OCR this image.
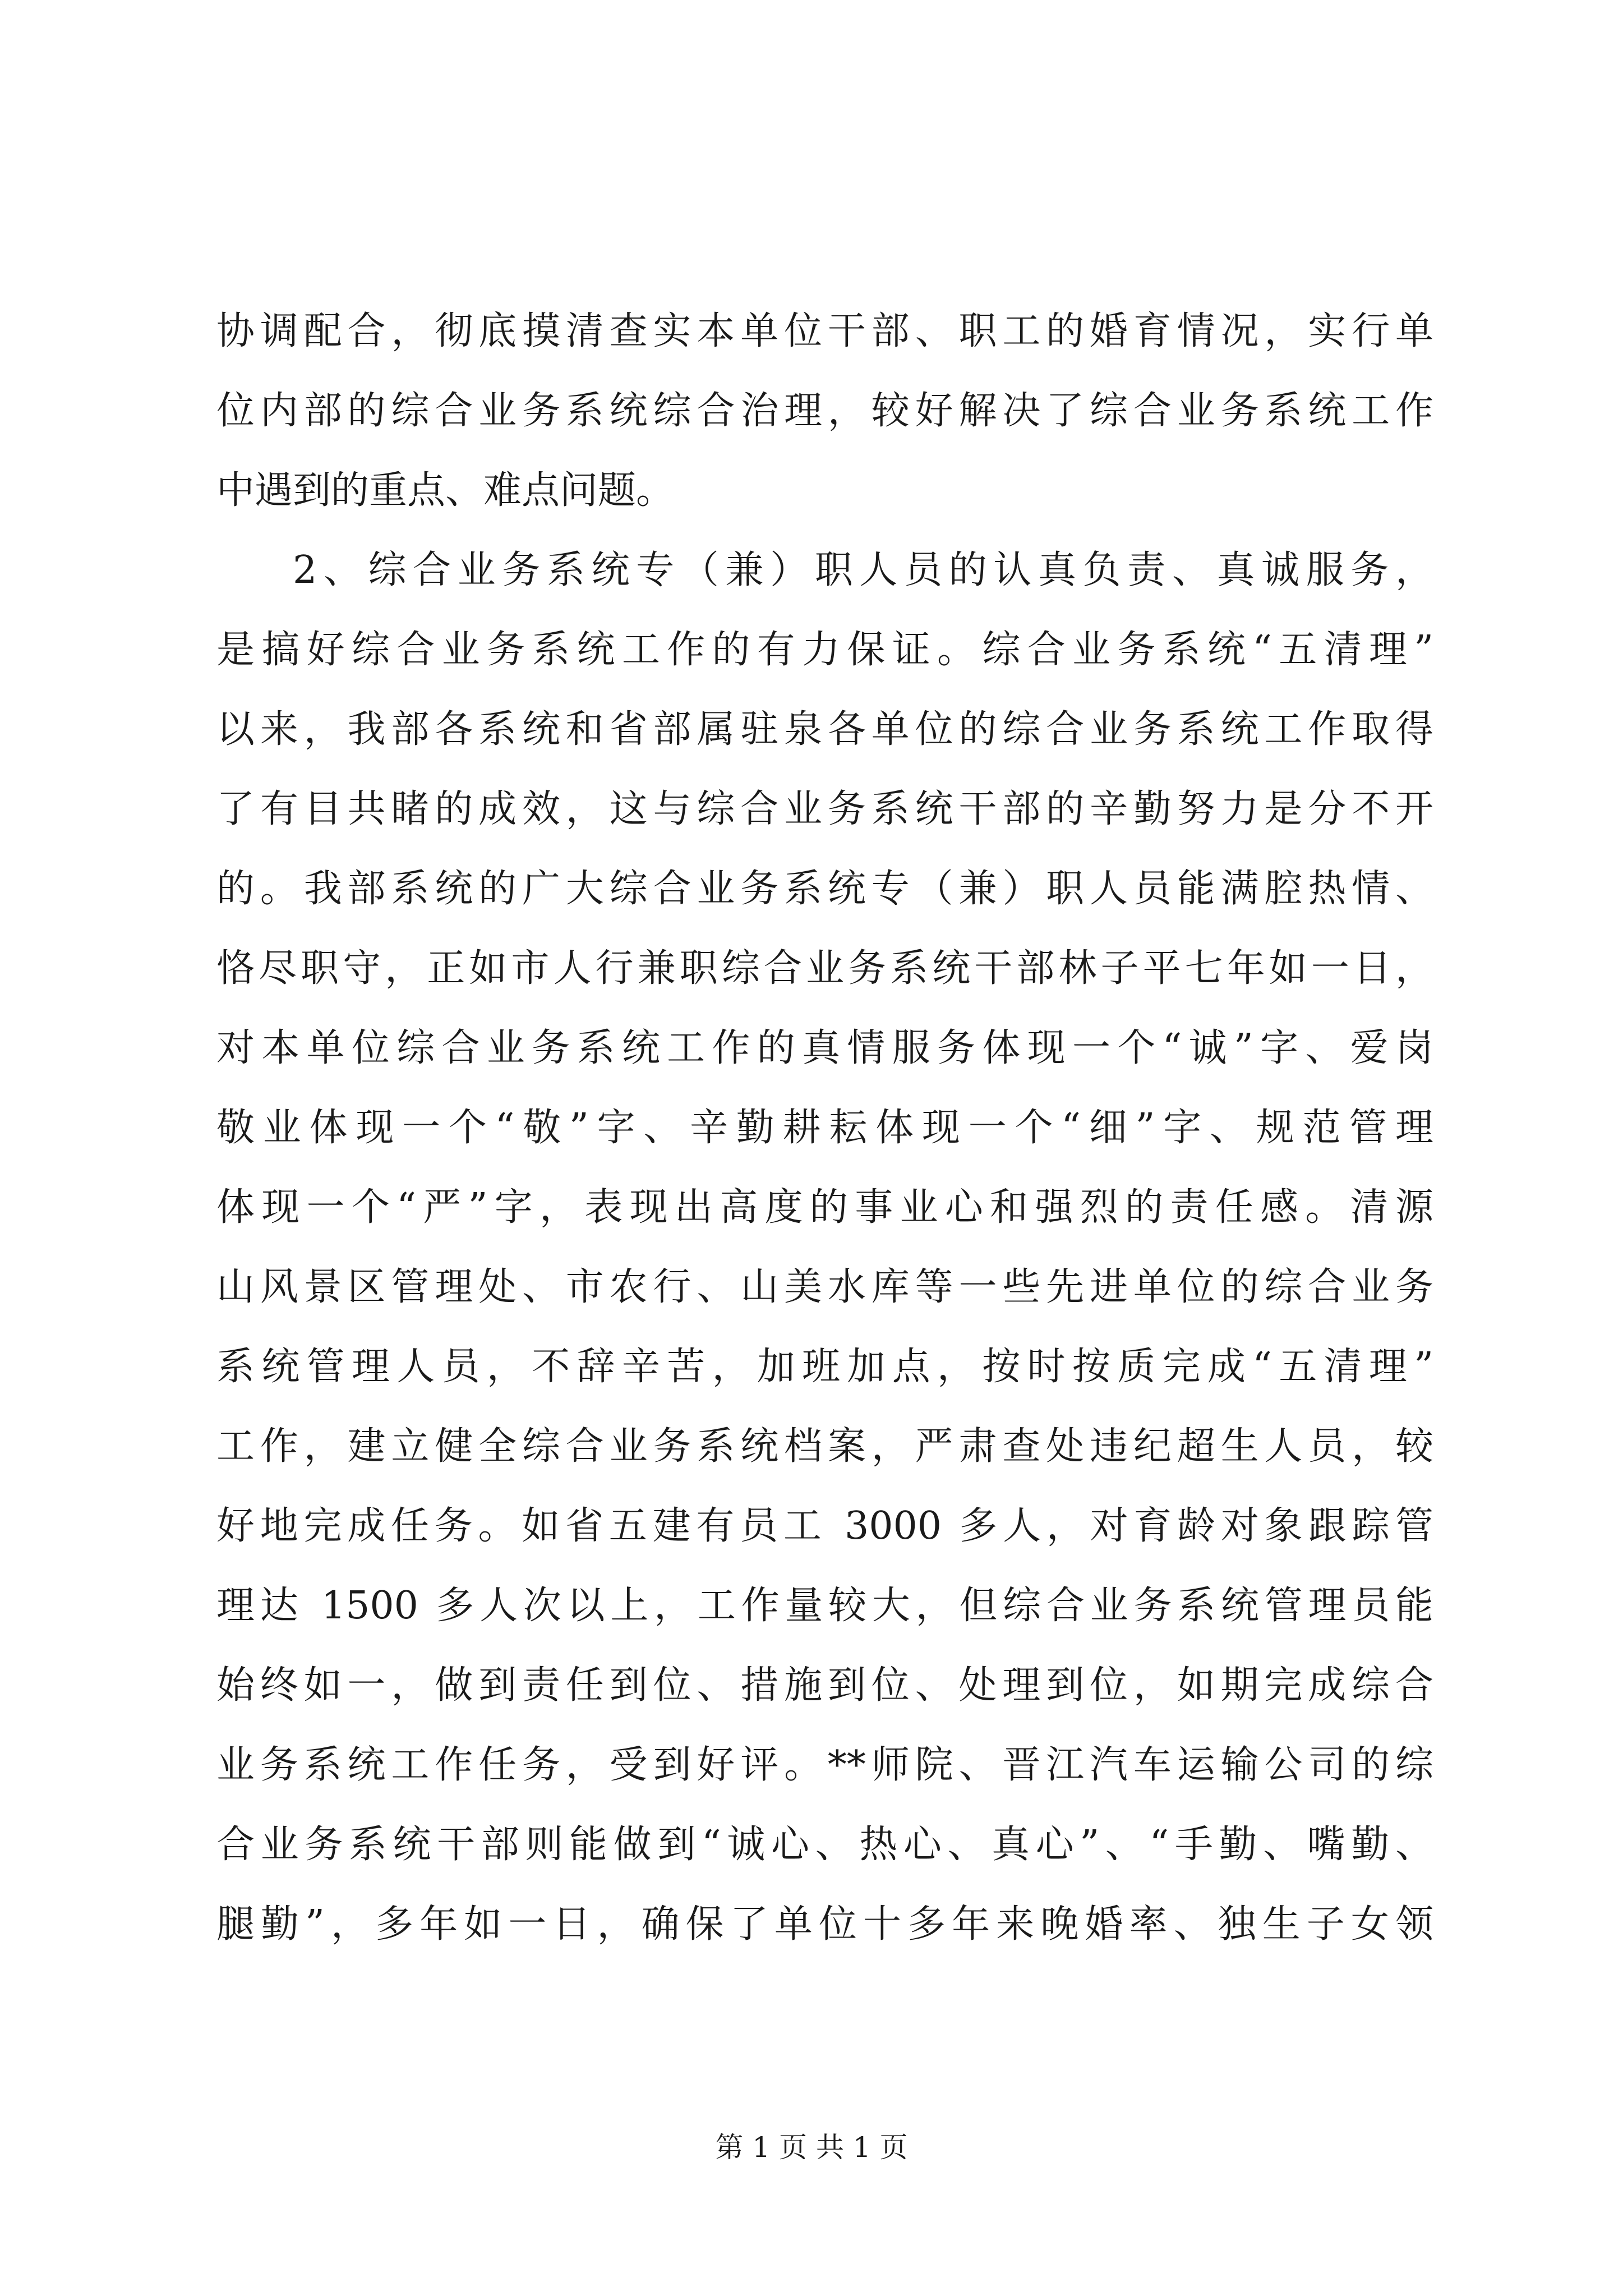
协调配合，彻底摸清查实本单位干部、职工的婚育情况，实行单
位内部的综合业务系统综合治理，较好解决了综合业务系统工作
中遇到的重点、难点问题。
2、综合业务系统专（兼）职人员的认真负责、真诚服务，
是搞好综合业务系统工作的有力保证。综合业务系统“五清理”
以来，我部各系统和省部属驻泉各单位的综合业务系统工作取得
了有目共睹的成效，这与综合业务系统干部的辛勤努力是分不开
的。我部系统的广大综合业务系统专（兼）职人员能满腔热情、
恪尽职守，正如市人行兼职综合业务系统干部林子平七年如一日，
对本单位综合业务系统工作的真情服务体现一个“诚”字、爱岗
敬业体现一个“敬”字、辛勤耕耘体现一个“细”字、规范管理
体现一个“严”字，表现出高度的事业心和强烈的责任感。清源
山风景区管理处、市农行、山美水库等一些先进单位的综合业务
系统管理人员，不辞辛苦，加班加点，按时按质完成“五清理”
工作，建立健全综合业务系统档案，严肃查处违纪超生人员，较
好地完成任务。如省五建有员工 3000 多人，对育龄对象跟踪管
理达 1500 多人次以上，工作量较大，但综合业务系统管理员能
始终如一，做到责任到位、措施到位、处理到位，如期完成综合
业务系统工作任务，受到好评。**师院、晋江汽车运输公司的综
合业务系统干部则能做到“诚心、热心、真心”、“手勤、嘴勤、
腿勤”，多年如一日，确保了单位十多年来晚婚率、独生子女领
第 1 页 共 1 页
